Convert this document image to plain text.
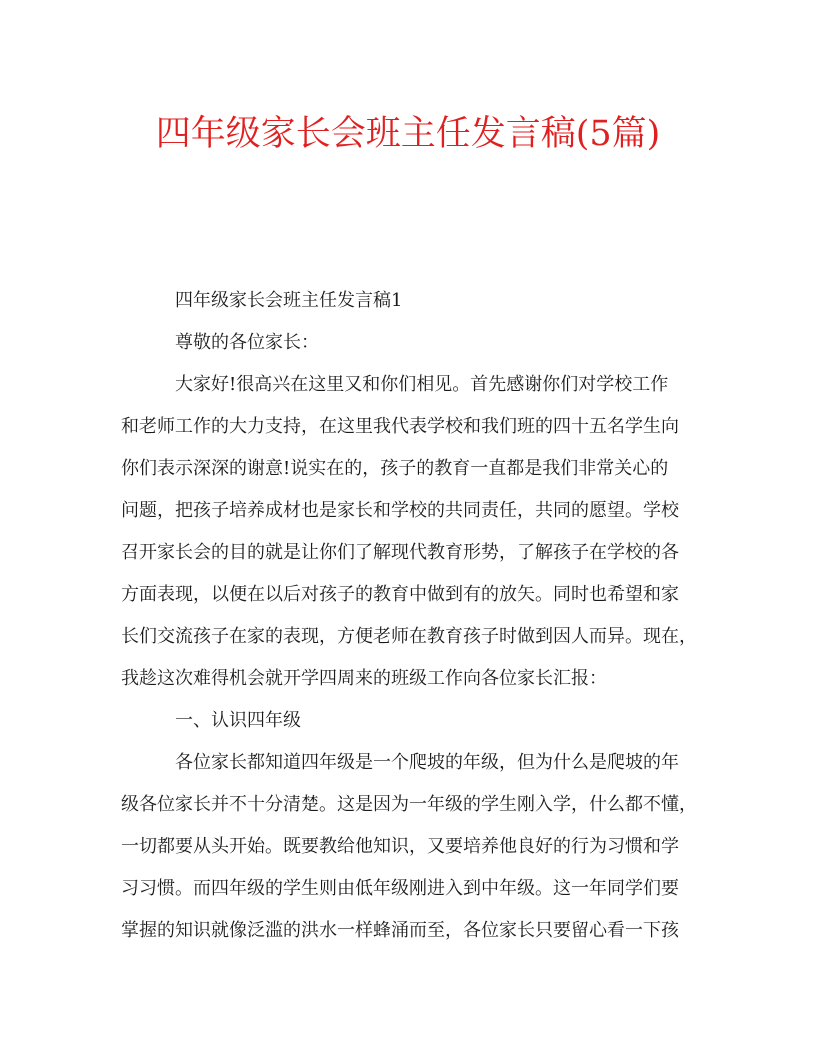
四年级家长会班主任发言稿(5篇)
四年级家长会班主任发言稿1
尊敬的各位家长：
大家好!很高兴在这里又和你们相见。首先感谢你们对学校工作
和老师工作的大力支持，在这里我代表学校和我们班的四十五名学生向
你们表示深深的谢意!说实在的，孩子的教育一直都是我们非常关心的
问题，把孩子培养成材也是家长和学校的共同责任，共同的愿望。学校
召开家长会的目的就是让你们了解现代教育形势，了解孩子在学校的各
方面表现，以便在以后对孩子的教育中做到有的放矢。同时也希望和家
长们交流孩子在家的表现，方便老师在教育孩子时做到因人而异。现在，
我趁这次难得机会就开学四周来的班级工作向各位家长汇报：
一、认识四年级
各位家长都知道四年级是一个爬坡的年级，但为什么是爬坡的年
级各位家长并不十分清楚。这是因为一年级的学生刚入学，什么都不懂，
一切都要从头开始。既要教给他知识，又要培养他良好的行为习惯和学
习习惯。而四年级的学生则由低年级刚进入到中年级。这一年同学们要
掌握的知识就像泛滥的洪水一样蜂涌而至，各位家长只要留心看一下孩
